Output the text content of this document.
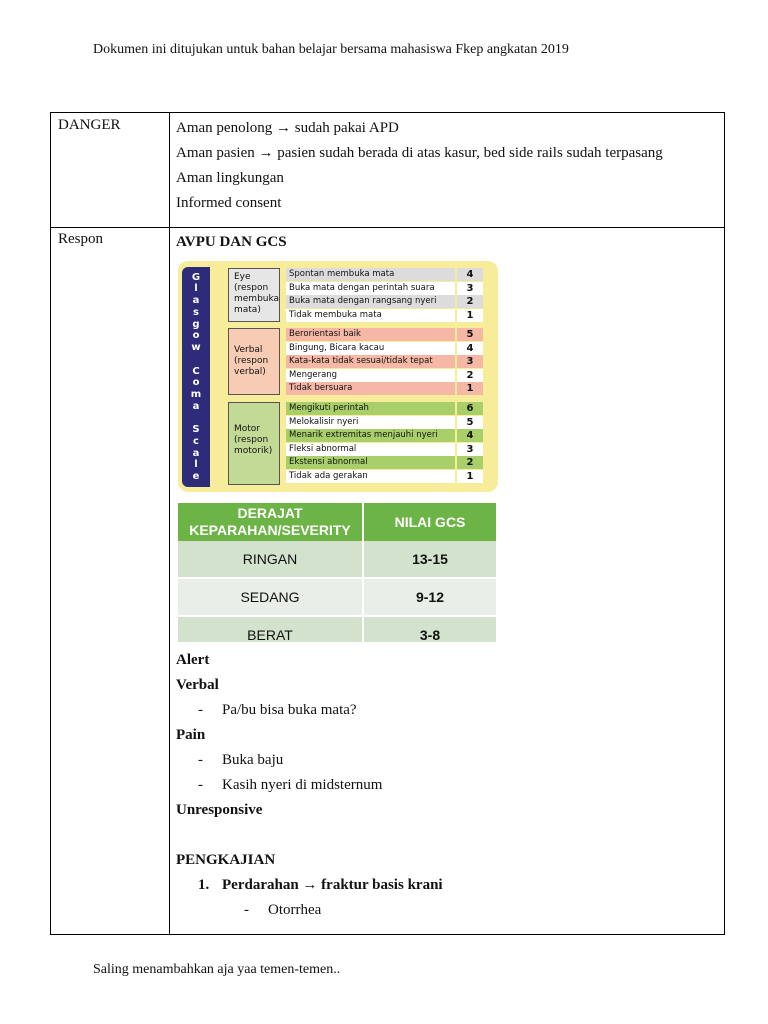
Dokumen ini ditujukan untuk bahan belajar bersama mahasiswa Fkep angkatan 2019
DANGER	Aman penolong → sudah pakai APD
Aman pasien → pasien sudah berada di atas kasur, bed side rails sudah terpasang
Aman lingkungan
Informed consent
Respon	AVPU DAN GCS
G
l
a
s
g
o
w

C
o
m
a

S
c
a
l
e
Eye
(respon
membuka
mata)
Spontan membuka mata	4
Buka mata dengan perintah suara	3
Buka mata dengan rangsang nyeri	2
Tidak membuka mata	1
Verbal
(respon
verbal)
Berorientasi baik	5
Bingung, Bicara kacau	4
Kata-kata tidak sesuai/tidak tepat	3
Mengerang	2
Tidak bersuara	1
Motor
(respon
motorik)
Mengikuti perintah	6
Melokalisir nyeri	5
Menarik extremitas menjauhi nyeri	4
Fleksi abnormal	3
Ekstensi abnormal	2
Tidak ada gerakan	1
DERAJAT
KEPARAHAN/SEVERITY	NILAI GCS
RINGAN	13-15
SEDANG	9-12
BERAT	3-8
Alert
Verbal
- Pa/bu bisa buka mata?
Pain
- Buka baju
- Kasih nyeri di midsternum
Unresponsive
PENGKAJIAN
1. Perdarahan → fraktur basis krani
- Otorrhea
Saling menambahkan aja yaa temen-temen..
